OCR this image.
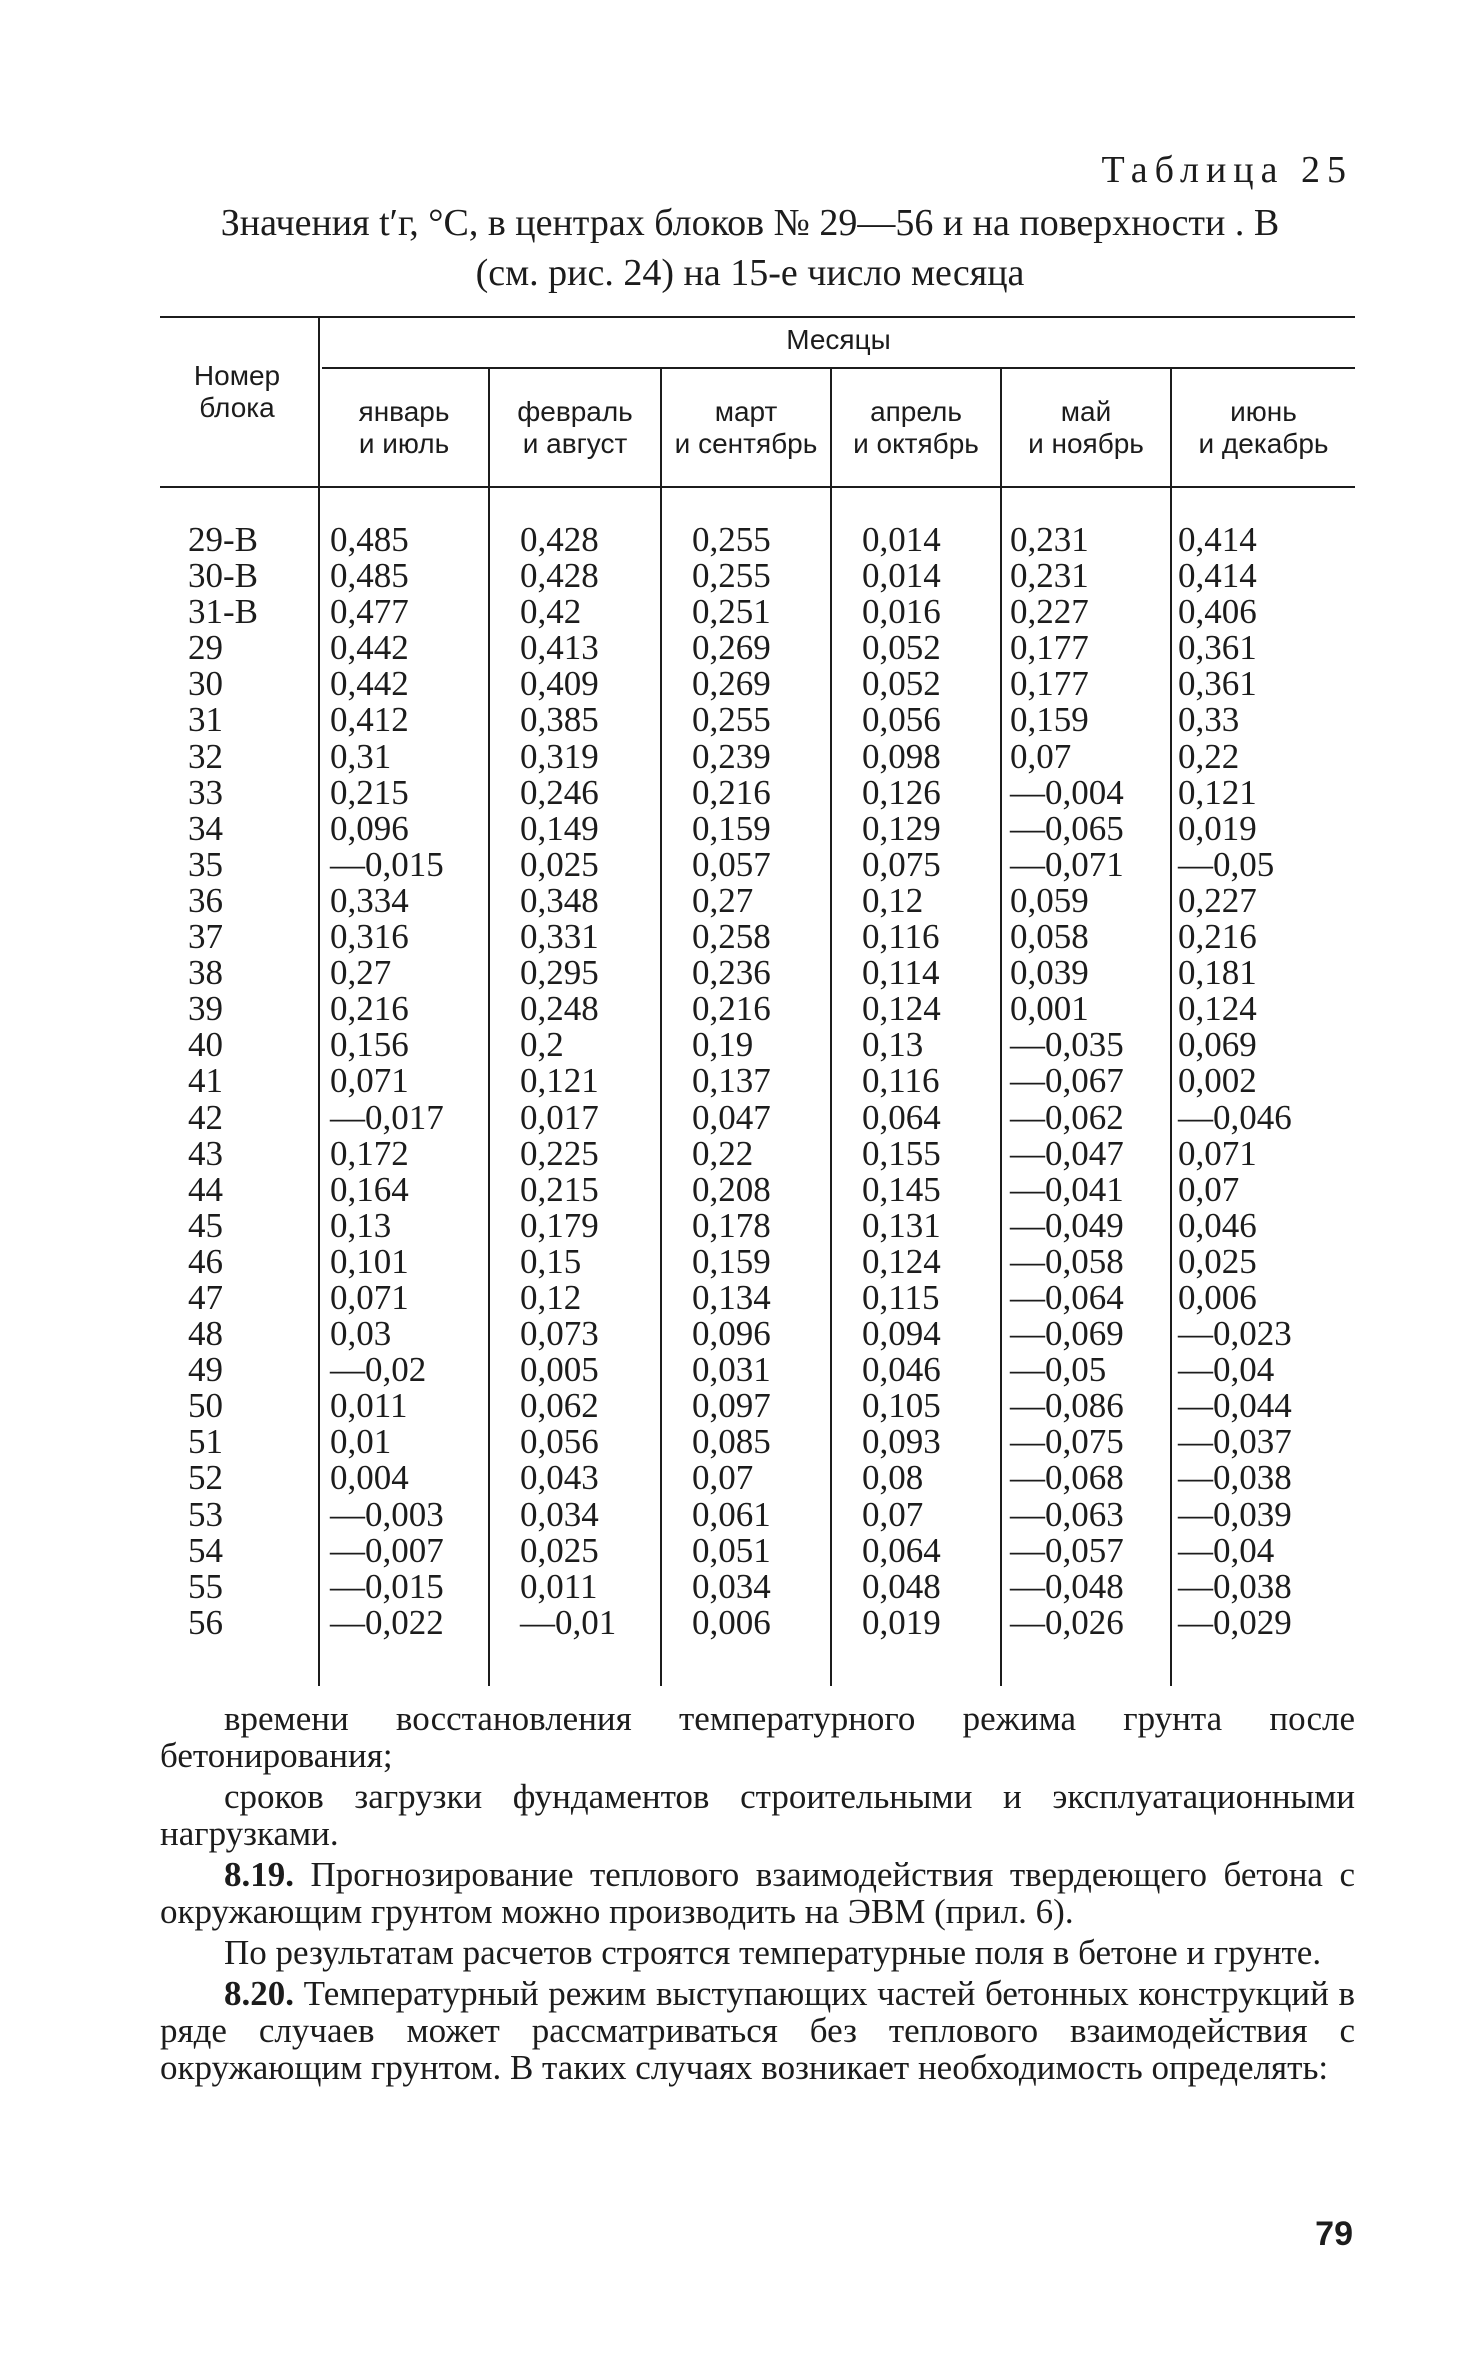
Таблица 25
Значения t′г, °С, в центрах блоков № 29—56 и на поверхности . В
(см. рис. 24) на 15-е число месяца
Номер
блока
Месяцы
январь
и июль
февраль
и август
март
и сентябрь
апрель
и октябрь
май
и ноябрь
июнь
и декабрь
29-В
30-В
31-В
29
30
31
32
33
34
35
36
37
38
39
40
41
42
43
44
45
46
47
48
49
50
51
52
53
54
55
56
0,485
0,485
0,477
0,442
0,442
0,412
0,31
0,215
0,096
—0,015
0,334
0,316
0,27
0,216
0,156
0,071
—0,017
0,172
0,164
0,13
0,101
0,071
0,03
—0,02
0,011
0,01
0,004
—0,003
—0,007
—0,015
—0,022
0,428
0,428
0,42
0,413
0,409
0,385
0,319
0,246
0,149
0,025
0,348
0,331
0,295
0,248
0,2
0,121
0,017
0,225
0,215
0,179
0,15
0,12
0,073
0,005
0,062
0,056
0,043
0,034
0,025
0,011
—0,01
0,255
0,255
0,251
0,269
0,269
0,255
0,239
0,216
0,159
0,057
0,27
0,258
0,236
0,216
0,19
0,137
0,047
0,22
0,208
0,178
0,159
0,134
0,096
0,031
0,097
0,085
0,07
0,061
0,051
0,034
0,006
0,014
0,014
0,016
0,052
0,052
0,056
0,098
0,126
0,129
0,075
0,12
0,116
0,114
0,124
0,13
0,116
0,064
0,155
0,145
0,131
0,124
0,115
0,094
0,046
0,105
0,093
0,08
0,07
0,064
0,048
0,019
0,231
0,231
0,227
0,177
0,177
0,159
0,07
—0,004
—0,065
—0,071
0,059
0,058
0,039
0,001
—0,035
—0,067
—0,062
—0,047
—0,041
—0,049
—0,058
—0,064
—0,069
—0,05
—0,086
—0,075
—0,068
—0,063
—0,057
—0,048
—0,026
0,414
0,414
0,406
0,361
0,361
0,33
0,22
0,121
0,019
—0,05
0,227
0,216
0,181
0,124
0,069
0,002
—0,046
0,071
0,07
0,046
0,025
0,006
—0,023
—0,04
—0,044
—0,037
—0,038
—0,039
—0,04
—0,038
—0,029

времени восстановления температурного режима грунта после бетонирования;

сроков загрузки фундаментов строительными и эксплуатационными нагрузками.

8.19. Прогнозирование теплового взаимодействия твердеющего бетона с окружающим грунтом можно производить на ЭВМ (прил. 6).

По результатам расчетов строятся температурные поля в бетоне и грунте.

8.20. Температурный режим выступающих частей бетонных конструкций в ряде случаев может рассматриваться без теплового взаимодействия с окружающим грунтом. В таких случаях возникает необходимость определять:

79
